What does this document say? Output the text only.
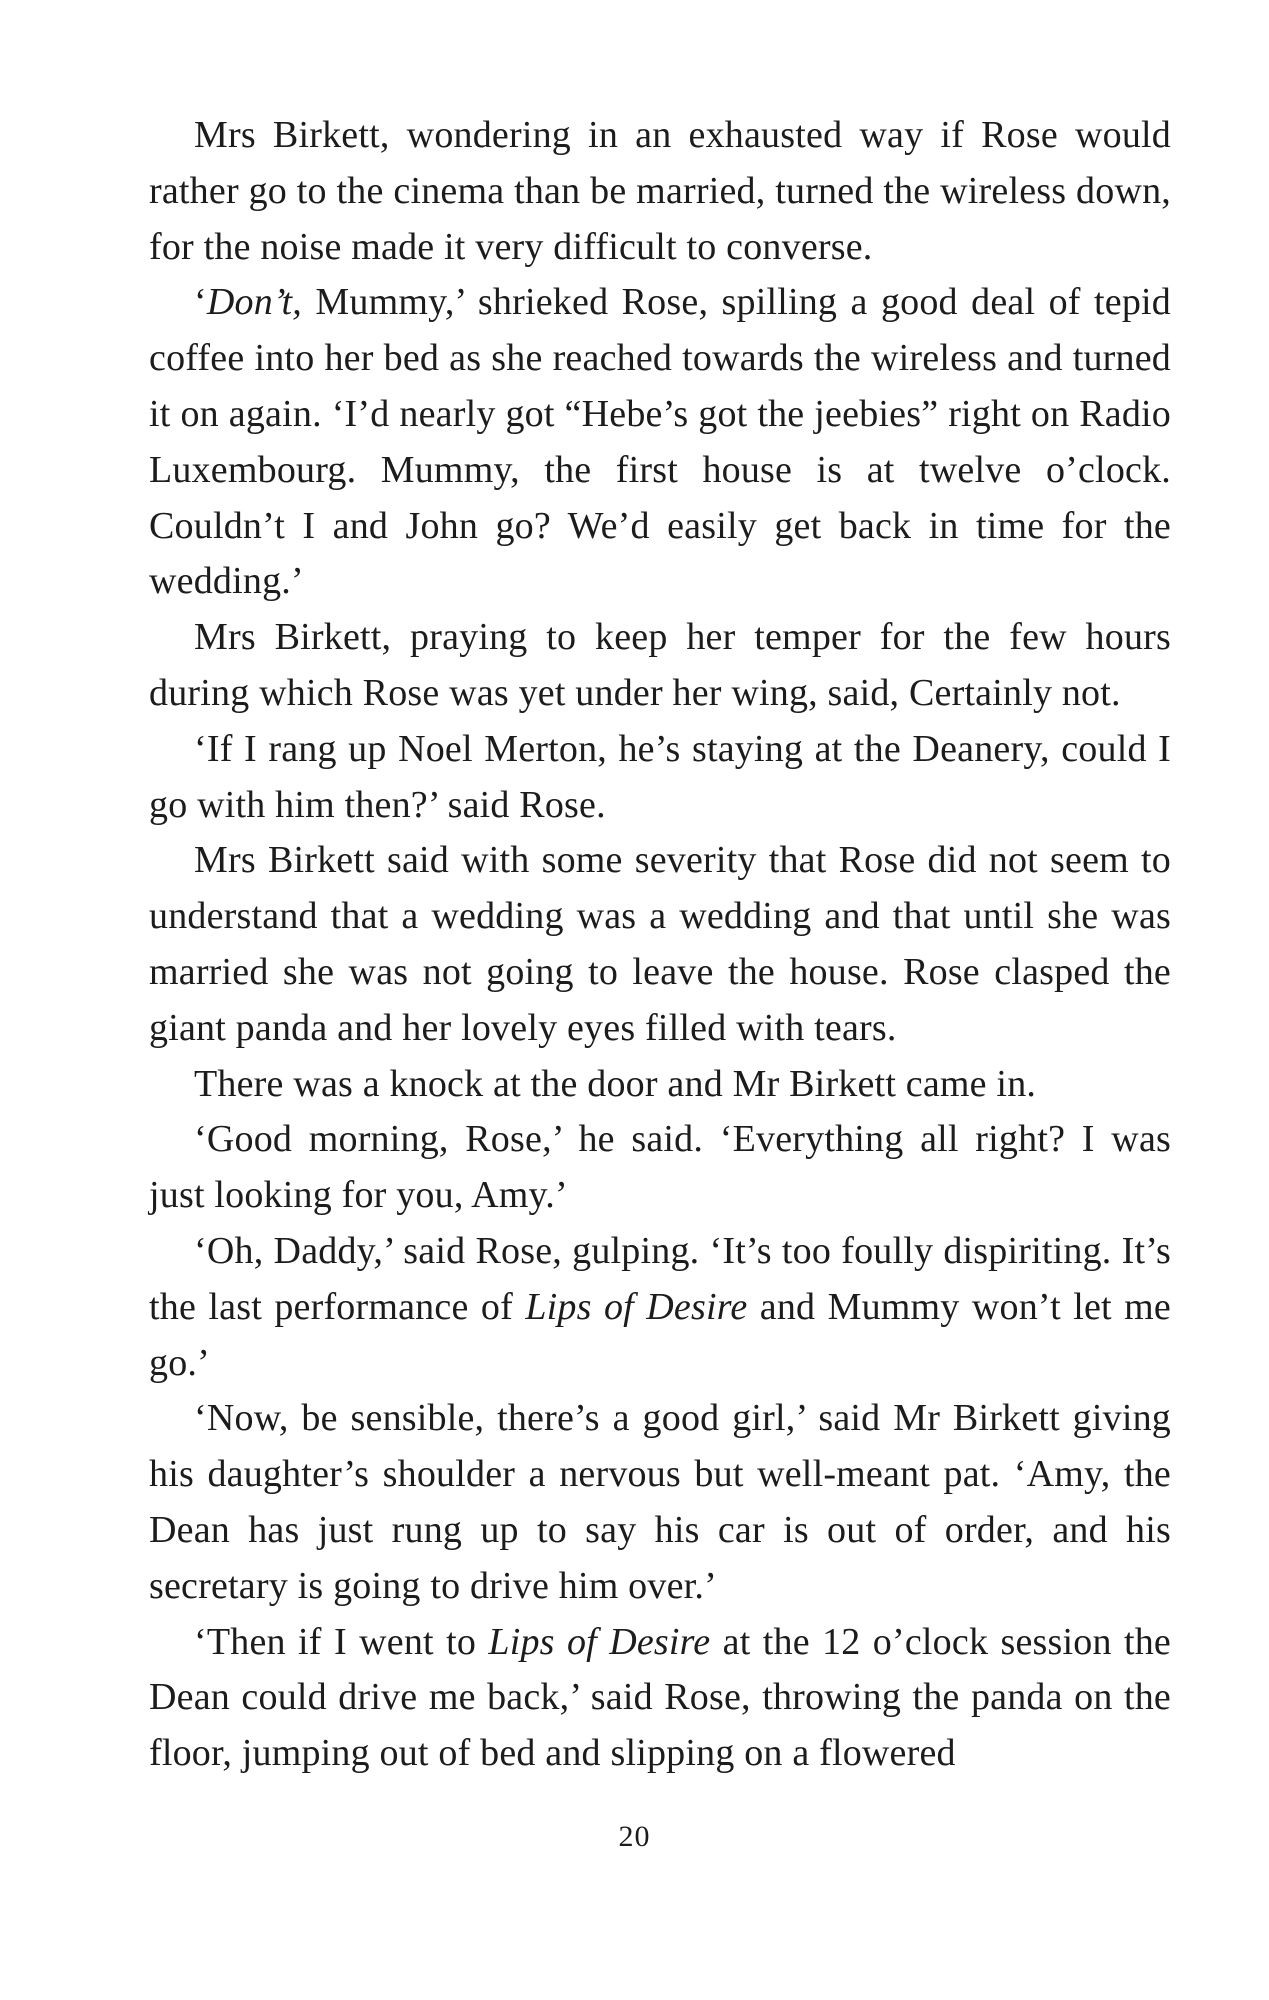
Mrs Birkett, wondering in an exhausted way if Rose would rather go to the cinema than be married, turned the wireless down, for the noise made it very difficult to converse.

‘Don’t, Mummy,’ shrieked Rose, spilling a good deal of tepid coffee into her bed as she reached towards the wireless and turned it on again. ‘I’d nearly got “Hebe’s got the jeebies” right on Radio Luxembourg. Mummy, the first house is at twelve o’clock. Couldn’t I and John go? We’d easily get back in time for the wedding.’

Mrs Birkett, praying to keep her temper for the few hours during which Rose was yet under her wing, said, Certainly not.

‘If I rang up Noel Merton, he’s staying at the Deanery, could I go with him then?’ said Rose.

Mrs Birkett said with some severity that Rose did not seem to understand that a wedding was a wedding and that until she was married she was not going to leave the house. Rose clasped the giant panda and her lovely eyes filled with tears.

There was a knock at the door and Mr Birkett came in.

‘Good morning, Rose,’ he said. ‘Everything all right? I was just looking for you, Amy.’

‘Oh, Daddy,’ said Rose, gulping. ‘It’s too foully dispiriting. It’s the last performance of Lips of Desire and Mummy won’t let me go.’

‘Now, be sensible, there’s a good girl,’ said Mr Birkett giving his daughter’s shoulder a nervous but well-meant pat. ‘Amy, the Dean has just rung up to say his car is out of order, and his secretary is going to drive him over.’

‘Then if I went to Lips of Desire at the 12 o’clock session the Dean could drive me back,’ said Rose, throwing the panda on the floor, jumping out of bed and slipping on a flowered

20
